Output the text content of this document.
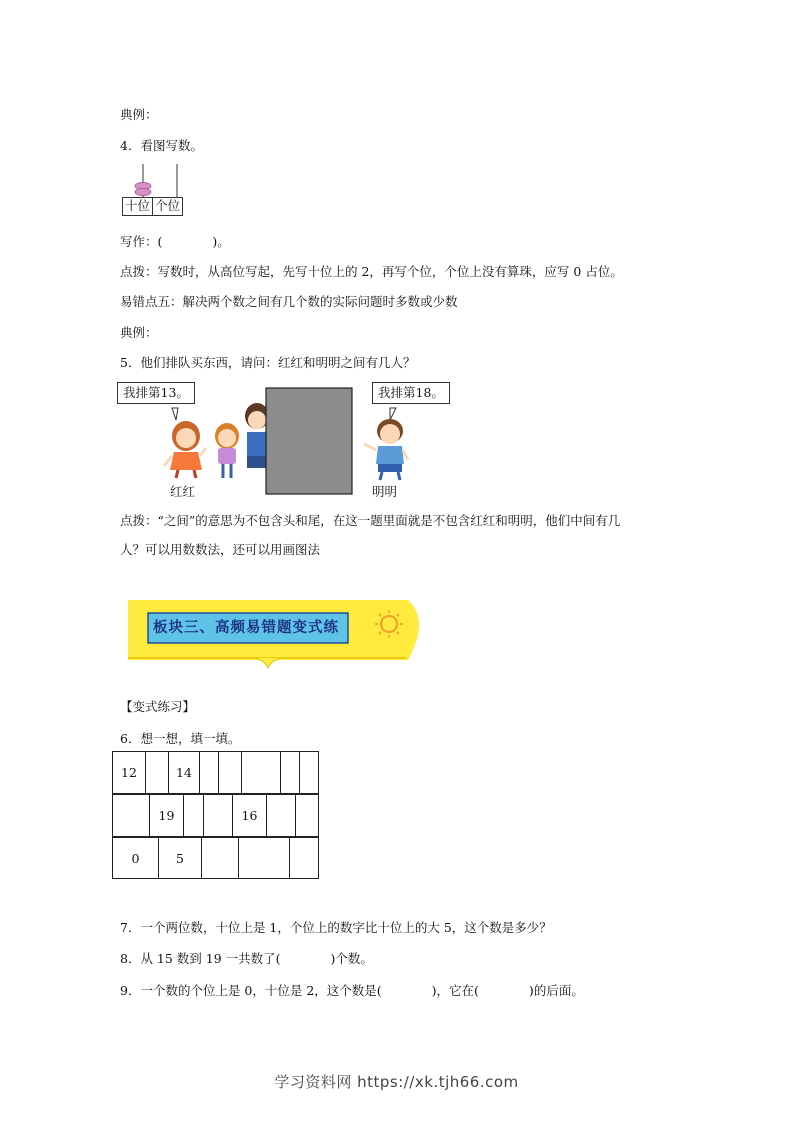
典例：
4．看图写数。
十位 个位
写作：(　　　　)。
点拨：写数时，从高位写起，先写十位上的 2，再写个位，个位上没有算珠，应写 0 占位。
易错点五：解决两个数之间有几个数的实际问题时多数或少数
典例：
5．他们排队买东西，请问：红红和明明之间有几人？
我排第13。	我排第18。
红红	明明
点拨：“之间”的意思为不包含头和尾，在这一题里面就是不包含红红和明明，他们中间有几
人？可以用数数法，还可以用画图法
板块三、高频易错题变式练
【变式练习】
6．想一想，填一填。
12		14					
	19			16		
0	5			
7．一个两位数，十位上是 1，个位上的数字比十位上的大 5，这个数是多少？
8．从 15 数到 19 一共数了(　　　　)个数。
9．一个数的个位上是 0，十位是 2，这个数是(　　　　)，它在(　　　　)的后面。
学习资料网 https://xk.tjh66.com
